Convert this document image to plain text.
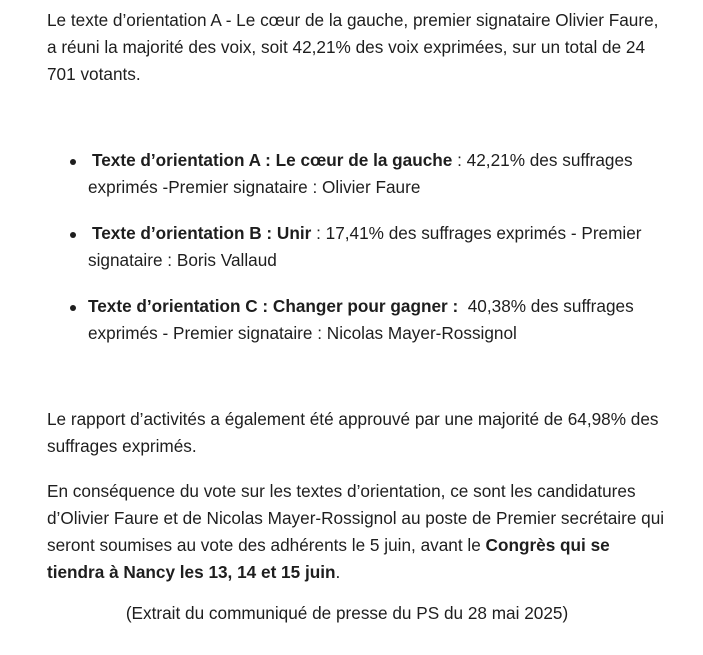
Le texte d’orientation A - Le cœur de la gauche, premier signataire Olivier Faure, a réuni la majorité des voix, soit 42,21% des voix exprimées, sur un total de 24 701 votants.

Texte d’orientation A : Le cœur de la gauche : 42,21% des suffrages exprimés -Premier signataire : Olivier Faure
Texte d’orientation B : Unir : 17,41% des suffrages exprimés - Premier signataire : Boris Vallaud
Texte d’orientation C : Changer pour gagner :  40,38% des suffrages exprimés - Premier signataire : Nicolas Mayer-Rossignol

Le rapport d’activités a également été approuvé par une majorité de 64,98% des suffrages exprimés.

En conséquence du vote sur les textes d’orientation, ce sont les candidatures d’Olivier Faure et de Nicolas Mayer-Rossignol au poste de Premier secrétaire qui seront soumises au vote des adhérents le 5 juin, avant le Congrès qui se tiendra à Nancy les 13, 14 et 15 juin.

(Extrait du communiqué de presse du PS du 28 mai 2025)
